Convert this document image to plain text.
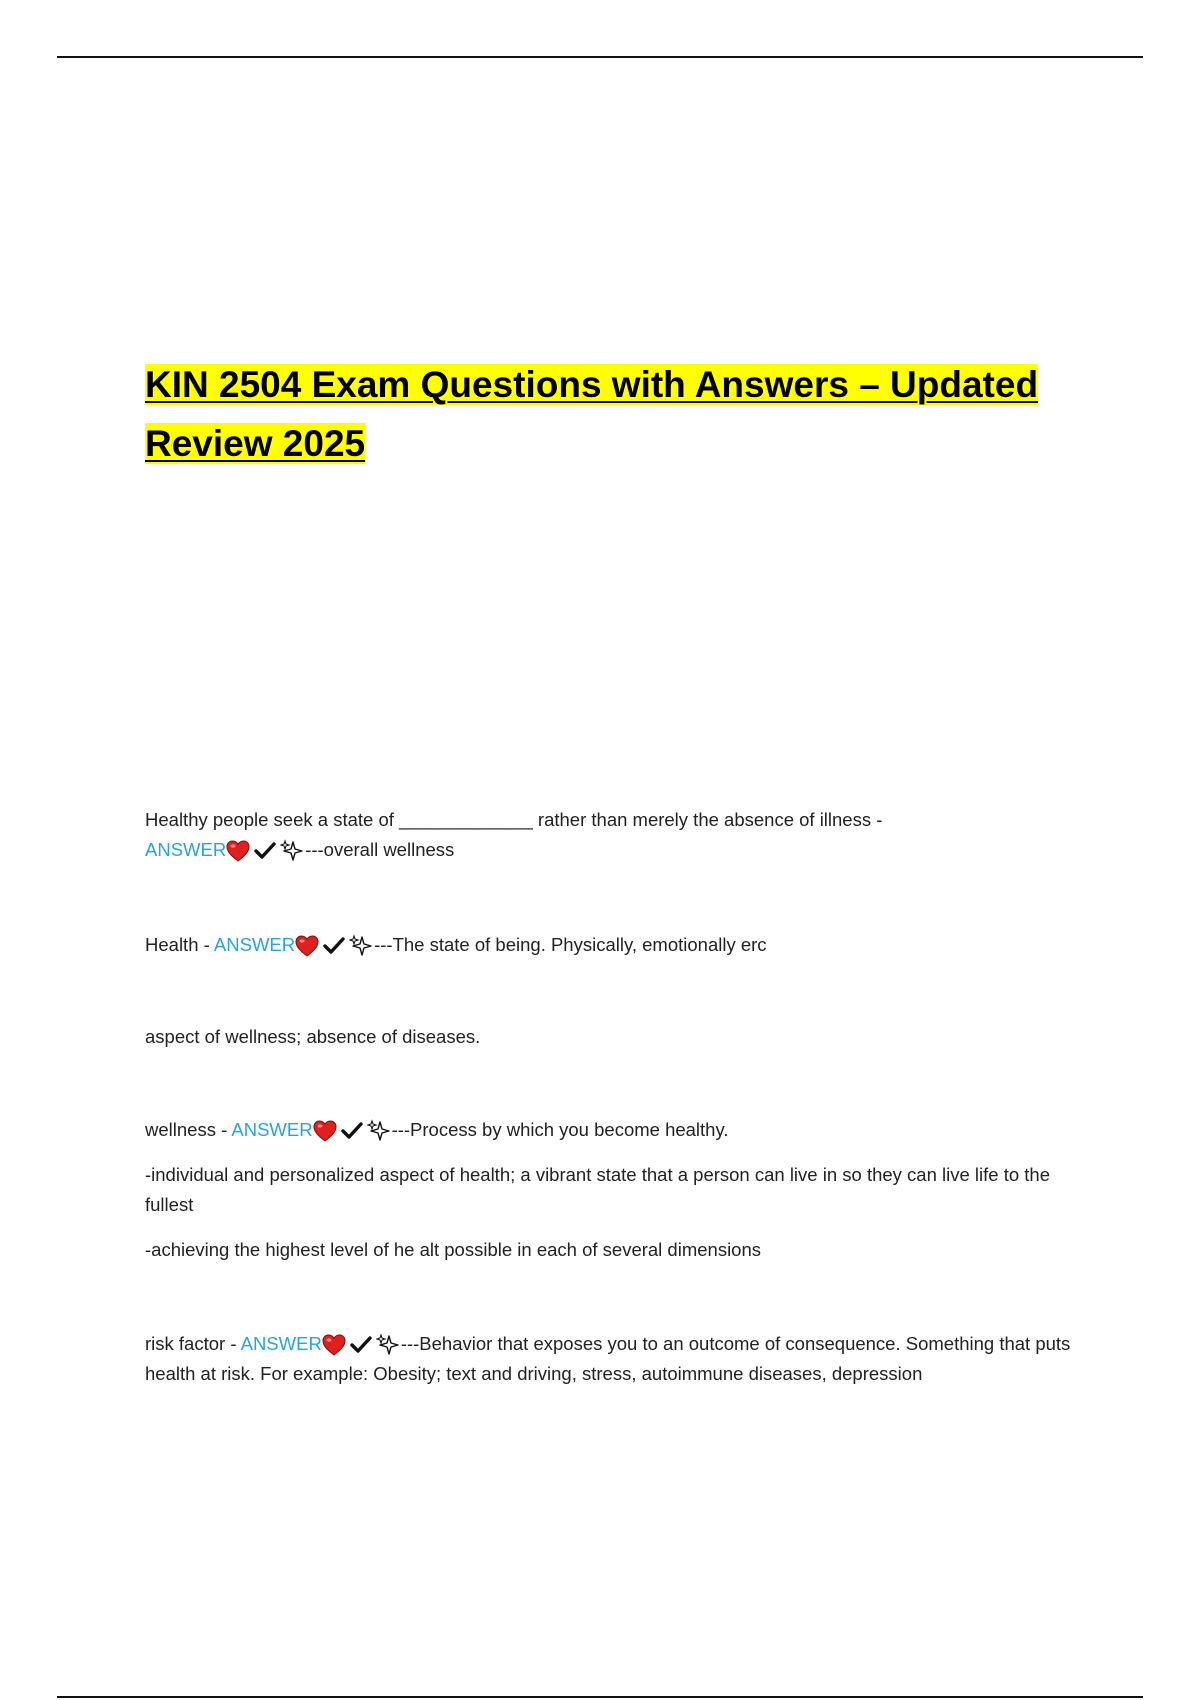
KIN 2504 Exam Questions with Answers – Updated Review 2025

Healthy people seek a state of _____________ rather than merely the absence of illness -
ANSWER	---overall wellness

Health - ANSWER	---The state of being. Physically, emotionally erc

aspect of wellness; absence of diseases.

wellness - ANSWER	---Process by which you become healthy.

-individual and personalized aspect of health; a vibrant state that a person can live in so they can live life to the fullest

-achieving the highest level of he alt possible in each of several dimensions

risk factor - ANSWER	---Behavior that exposes you to an outcome of consequence. Something that puts health at risk. For example: Obesity; text and driving, stress, autoimmune diseases, depression
